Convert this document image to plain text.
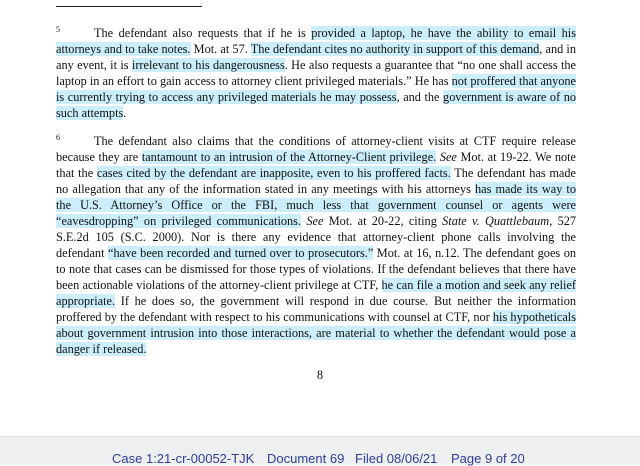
$^5$	The defendant also requests that if he is provided a laptop, he have the ability to email his attorneys and to take notes. Mot. at 57. The defendant cites no authority in support of this demand, and in any event, it is irrelevant to his dangerousness. He also requests a guarantee that “no one shall access the laptop in an effort to gain access to attorney client privileged materials.” He has not proffered that anyone is currently trying to access any privileged materials he may possess, and the government is aware of no such attempts.
$^6$	The defendant also claims that the conditions of attorney-client visits at CTF require release because they are tantamount to an intrusion of the Attorney-Client privilege. See Mot. at 19-22. We note that the cases cited by the defendant are inapposite, even to his proffered facts. The defendant has made no allegation that any of the information stated in any meetings with his attorneys has made its way to the U.S. Attorney’s Office or the FBI, much less that government counsel or agents were “eavesdropping” on privileged communications. See Mot. at 20-22, citing State v. Quattlebaum, 527 S.E.2d 105 (S.C. 2000). Nor is there any evidence that attorney-client phone calls involving the defendant “have been recorded and turned over to prosecutors.” Mot. at 16, n.12. The defendant goes on to note that cases can be dismissed for those types of violations. If the defendant believes that there have been actionable violations of the attorney-client privilege at CTF, he can file a motion and seek any relief appropriate. If he does so, the government will respond in due course. But neither the information proffered by the defendant with respect to his communications with counsel at CTF, nor his hypotheticals about government intrusion into those interactions, are material to whether the defendant would pose a danger if released.
8
Case 1:21-cr-00052-TJK Document 69 Filed 08/06/21 Page 9 of 20
